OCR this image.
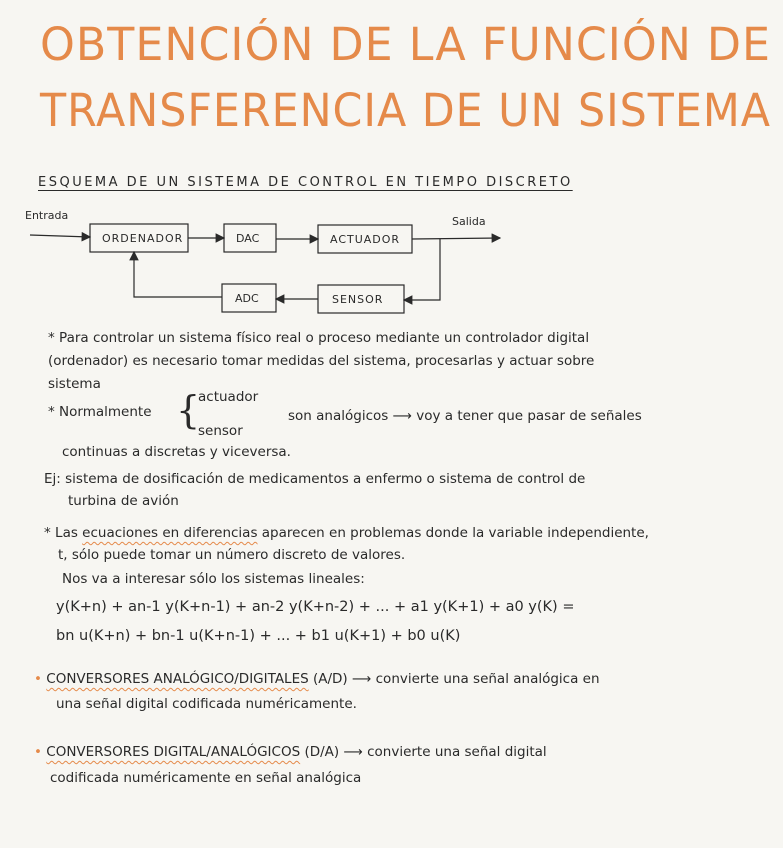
OBTENCIÓN DE LA FUNCIÓN DE
TRANSFERENCIA DE UN SISTEMA
ESQUEMA DE UN SISTEMA DE CONTROL EN TIEMPO DISCRETO
Entrada	Salida
ORDENADOR	DAC	ACTUADOR
SENSOR
ADC
* Para controlar un sistema físico real o proceso mediante un controlador digital
(ordenador) es necesario tomar medidas del sistema, procesarlas y actuar sobre
sistema
* Normalmente {
actuador
sensor
son analógicos ⟶ voy a tener que pasar de señales
continuas a discretas y viceversa.
Ej: sistema de dosificación de medicamentos a enfermo o sistema de control de
turbina de avión
* Las ecuaciones en diferencias aparecen en problemas donde la variable independiente,
t, sólo puede tomar un número discreto de valores.
Nos va a interesar sólo los sistemas lineales:
y(K+n) + an-1 y(K+n-1) + an-2 y(K+n-2) + ... + a1 y(K+1) + a0 y(K) =
bn u(K+n) + bn-1 u(K+n-1) + ... + b1 u(K+1) + b0 u(K)
• CONVERSORES ANALÓGICO/DIGITALES (A/D) ⟶ convierte una señal analógica en
una señal digital codificada numéricamente.
• CONVERSORES DIGITAL/ANALÓGICOS (D/A) ⟶ convierte una señal digital
codificada numéricamente en señal analógica
